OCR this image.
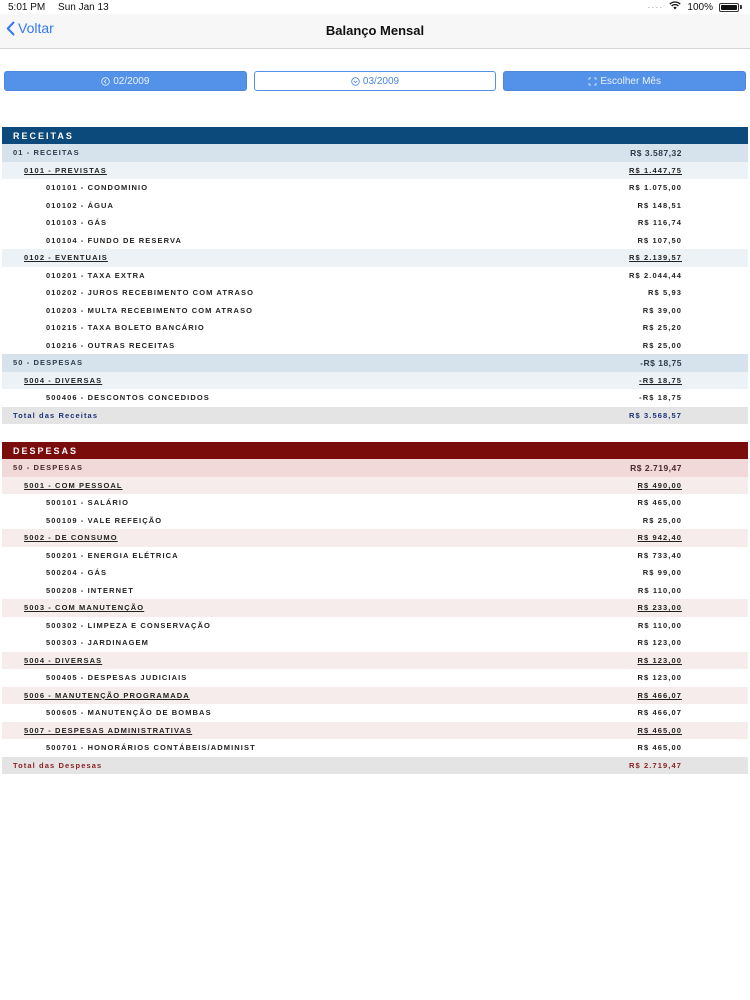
5:01 PM Sun Jan 13	···· 100%
Voltar	Balanço Mensal
02/2009	03/2009	Escolher Mês
RECEITAS
01 - RECEITAS	R$ 3.587,32
0101 - PREVISTAS	R$ 1.447,75
010101 - CONDOMINIO	R$ 1.075,00
010102 - ÁGUA	R$ 148,51
010103 - GÁS	R$ 116,74
010104 - FUNDO DE RESERVA	R$ 107,50
0102 - EVENTUAIS	R$ 2.139,57
010201 - TAXA EXTRA	R$ 2.044,44
010202 - JUROS RECEBIMENTO COM ATRASO	R$ 5,93
010203 - MULTA RECEBIMENTO COM ATRASO	R$ 39,00
010215 - TAXA BOLETO BANCÁRIO	R$ 25,20
010216 - OUTRAS RECEITAS	R$ 25,00
50 - DESPESAS	-R$ 18,75
5004 - DIVERSAS	-R$ 18,75
500406 - DESCONTOS CONCEDIDOS	-R$ 18,75
Total das Receitas	R$ 3.568,57
DESPESAS
50 - DESPESAS	R$ 2.719,47
5001 - COM PESSOAL	R$ 490,00
500101 - SALÁRIO	R$ 465,00
500109 - VALE REFEIÇÃO	R$ 25,00
5002 - DE CONSUMO	R$ 942,40
500201 - ENERGIA ELÉTRICA	R$ 733,40
500204 - GÁS	R$ 99,00
500208 - INTERNET	R$ 110,00
5003 - COM MANUTENÇÃO	R$ 233,00
500302 - LIMPEZA E CONSERVAÇÃO	R$ 110,00
500303 - JARDINAGEM	R$ 123,00
5004 - DIVERSAS	R$ 123,00
500405 - DESPESAS JUDICIAIS	R$ 123,00
5006 - MANUTENÇÃO PROGRAMADA	R$ 466,07
500605 - MANUTENÇÃO DE BOMBAS	R$ 466,07
5007 - DESPESAS ADMINISTRATIVAS	R$ 465,00
500701 - HONORÁRIOS CONTÁBEIS/ADMINIST	R$ 465,00
Total das Despesas	R$ 2.719,47
